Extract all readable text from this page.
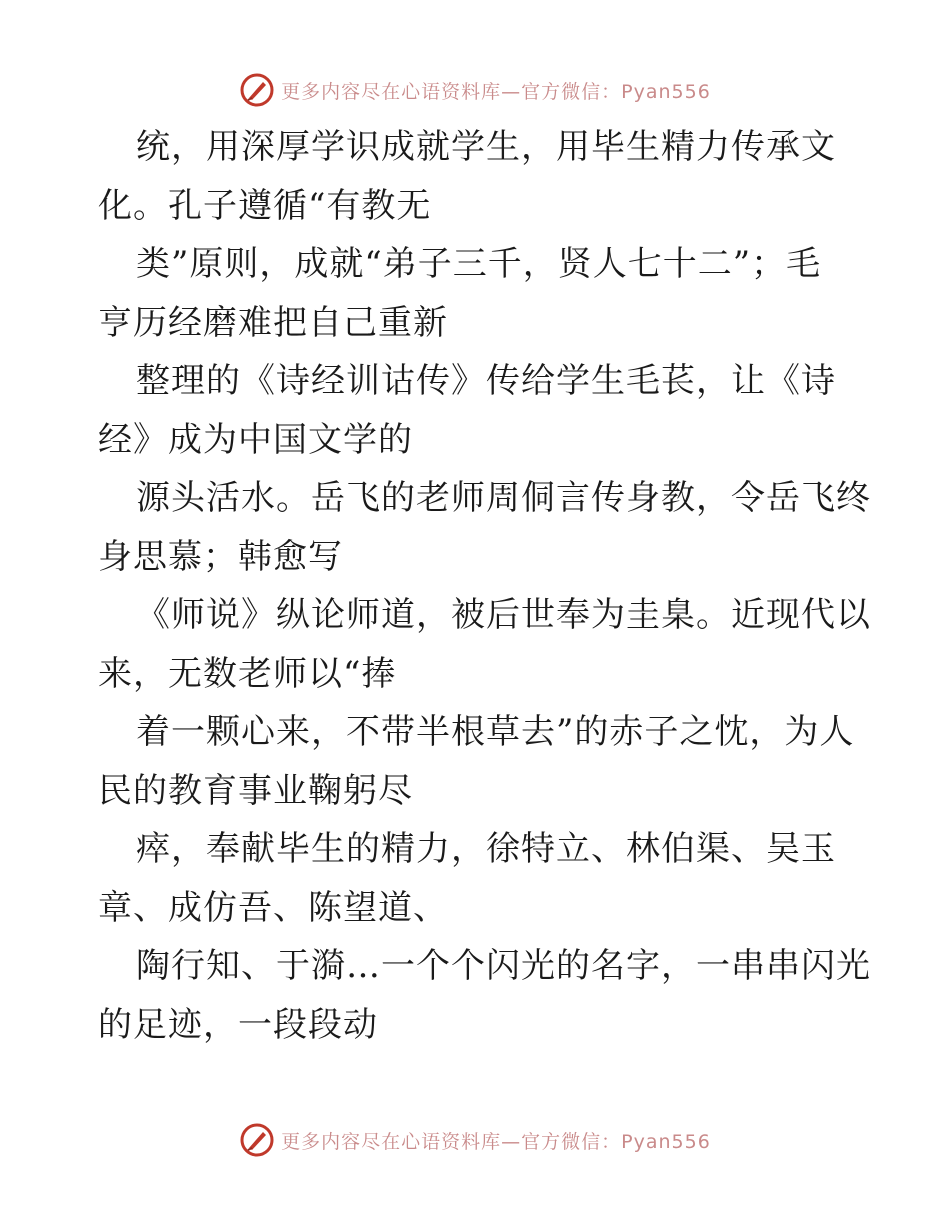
更多内容尽在心语资料库—官方微信：Pyan556
统，用深厚学识成就学生，用毕生精力传承文
化。孔子遵循“有教无
类”原则，成就“弟子三千，贤人七十二”；毛
亨历经磨难把自己重新
整理的《诗经训诂传》传给学生毛苌，让《诗
经》成为中国文学的
源头活水。岳飞的老师周侗言传身教，令岳飞终
身思慕；韩愈写
《师说》纵论师道，被后世奉为圭臬。近现代以
来，无数老师以“捧
着一颗心来，不带半根草去”的赤子之忱，为人
民的教育事业鞠躬尽
瘁，奉献毕生的精力，徐特立、林伯渠、吴玉
章、成仿吾、陈望道、
陶行知、于漪…一个个闪光的名字，一串串闪光
的足迹，一段段动
更多内容尽在心语资料库—官方微信：Pyan556
